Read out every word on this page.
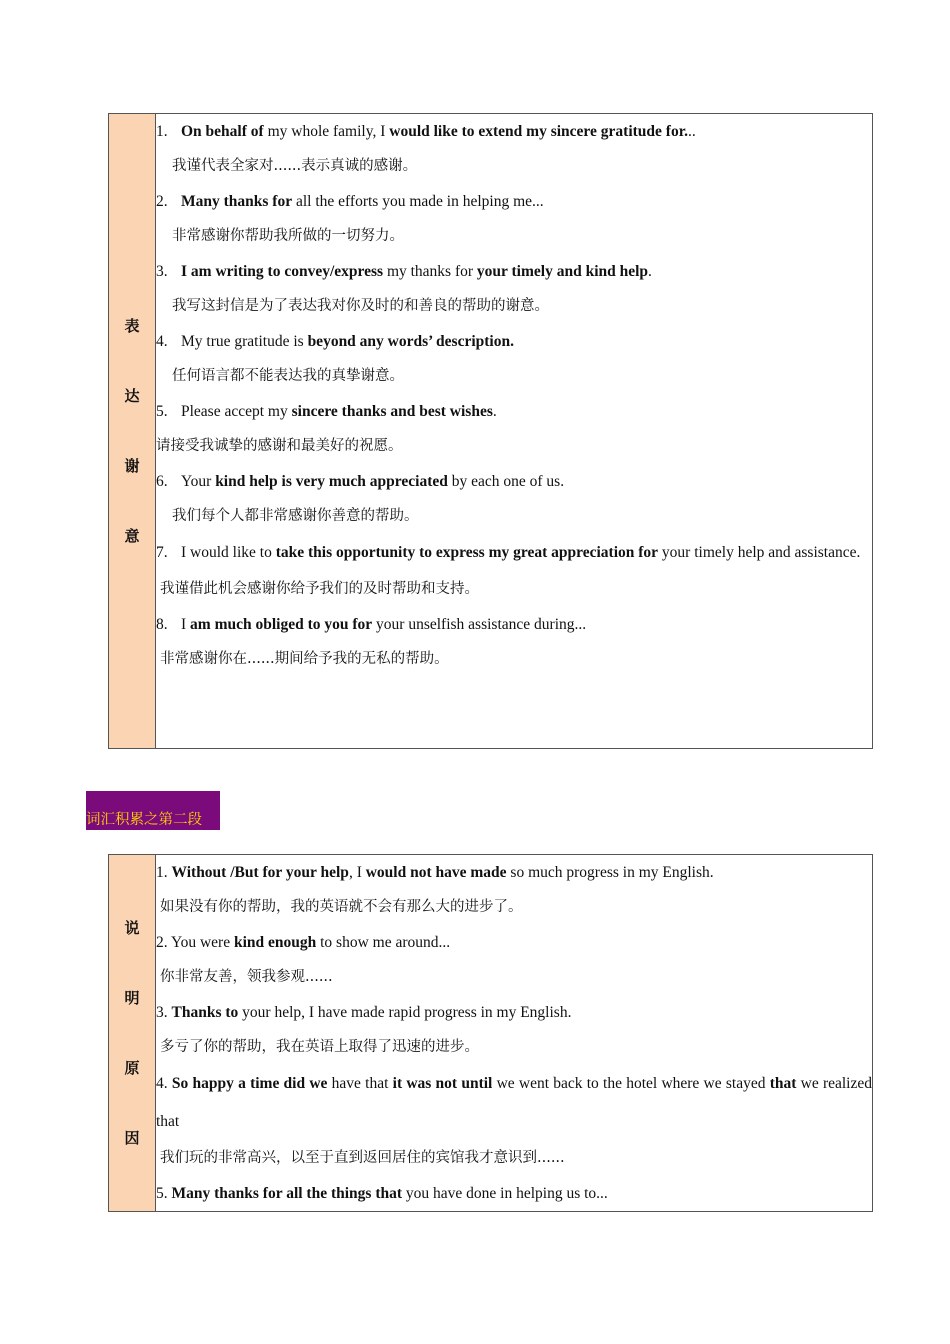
表
达
谢
意

1. On behalf of my whole family, I would like to extend my sincere gratitude for...
我谨代表全家对......表示真诚的感谢。
2. Many thanks for all the efforts you made in helping me...
非常感谢你帮助我所做的一切努力。
3. I am writing to convey/express my thanks for your timely and kind help.
我写这封信是为了表达我对你及时的和善良的帮助的谢意。
4. My true gratitude is beyond any words’ description.
任何语言都不能表达我的真挚谢意。
5. Please accept my sincere thanks and best wishes.
请接受我诚挚的感谢和最美好的祝愿。
6. Your kind help is very much appreciated by each one of us.
我们每个人都非常感谢你善意的帮助。
7. I would like to take this opportunity to express my great appreciation for your timely help and assistance.
我谨借此机会感谢你给予我们的及时帮助和支持。
8. I am much obliged to you for your unselfish assistance during...
非常感谢你在......期间给予我的无私的帮助。
词汇积累之第二段
说
明
原
因

1. Without /But for your help, I would not have made so much progress in my English.
如果没有你的帮助，我的英语就不会有那么大的进步了。
2. You were kind enough to show me around...
你非常友善，领我参观......
3. Thanks to your help, I have made rapid progress in my English.
多亏了你的帮助，我在英语上取得了迅速的进步。
4. So happy a time did we have that it was not until we went back to the hotel where we stayed that we realized that
我们玩的非常高兴，以至于直到返回居住的宾馆我才意识到......
5. Many thanks for all the things that you have done in helping us to...
